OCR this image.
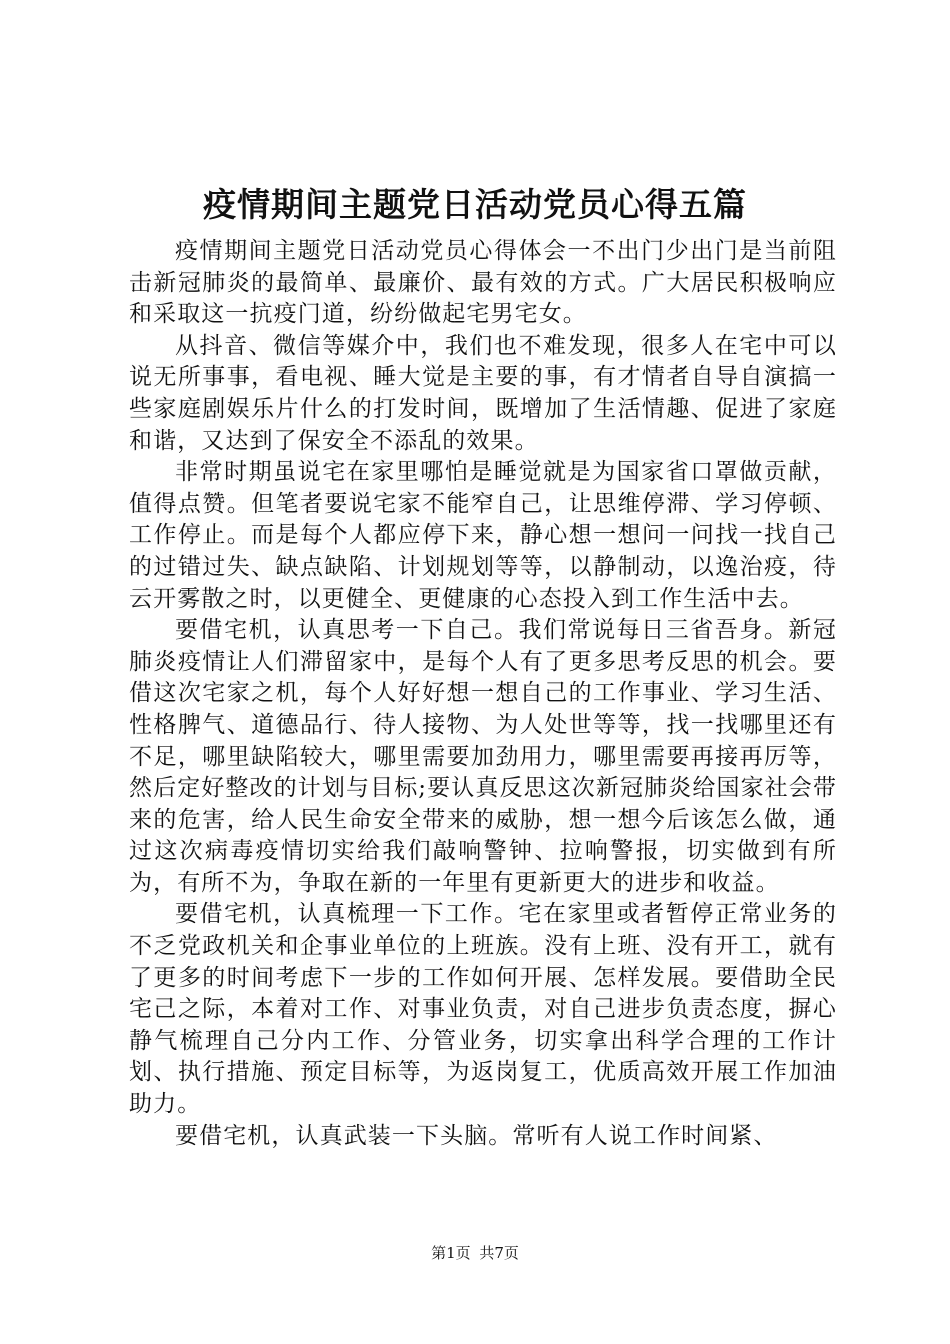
疫情期间主题党日活动党员心得五篇

疫情期间主题党日活动党员心得体会一不出门少出门是当前阻击新冠肺炎的最简单、最廉价、最有效的方式。广大居民积极响应和采取这一抗疫门道，纷纷做起宅男宅女。

从抖音、微信等媒介中，我们也不难发现，很多人在宅中可以说无所事事，看电视、睡大觉是主要的事，有才情者自导自演搞一些家庭剧娱乐片什么的打发时间，既增加了生活情趣、促进了家庭和谐，又达到了保安全不添乱的效果。

非常时期虽说宅在家里哪怕是睡觉就是为国家省口罩做贡献，值得点赞。但笔者要说宅家不能窄自己，让思维停滞、学习停顿、工作停止。而是每个人都应停下来，静心想一想问一问找一找自己的过错过失、缺点缺陷、计划规划等等，以静制动，以逸治疫，待云开雾散之时，以更健全、更健康的心态投入到工作生活中去。

要借宅机，认真思考一下自己。我们常说每日三省吾身。新冠肺炎疫情让人们滞留家中，是每个人有了更多思考反思的机会。要借这次宅家之机，每个人好好想一想自己的工作事业、学习生活、性格脾气、道德品行、待人接物、为人处世等等，找一找哪里还有不足，哪里缺陷较大，哪里需要加劲用力，哪里需要再接再厉等，然后定好整改的计划与目标;要认真反思这次新冠肺炎给国家社会带来的危害，给人民生命安全带来的威胁，想一想今后该怎么做，通过这次病毒疫情切实给我们敲响警钟、拉响警报，切实做到有所为，有所不为，争取在新的一年里有更新更大的进步和收益。

要借宅机，认真梳理一下工作。宅在家里或者暂停正常业务的不乏党政机关和企事业单位的上班族。没有上班、没有开工，就有了更多的时间考虑下一步的工作如何开展、怎样发展。要借助全民宅己之际，本着对工作、对事业负责，对自己进步负责态度，摒心静气梳理自己分内工作、分管业务，切实拿出科学合理的工作计划、执行措施、预定目标等，为返岗复工，优质高效开展工作加油助力。

要借宅机，认真武装一下头脑。常听有人说工作时间紧、

第1页 共7页
